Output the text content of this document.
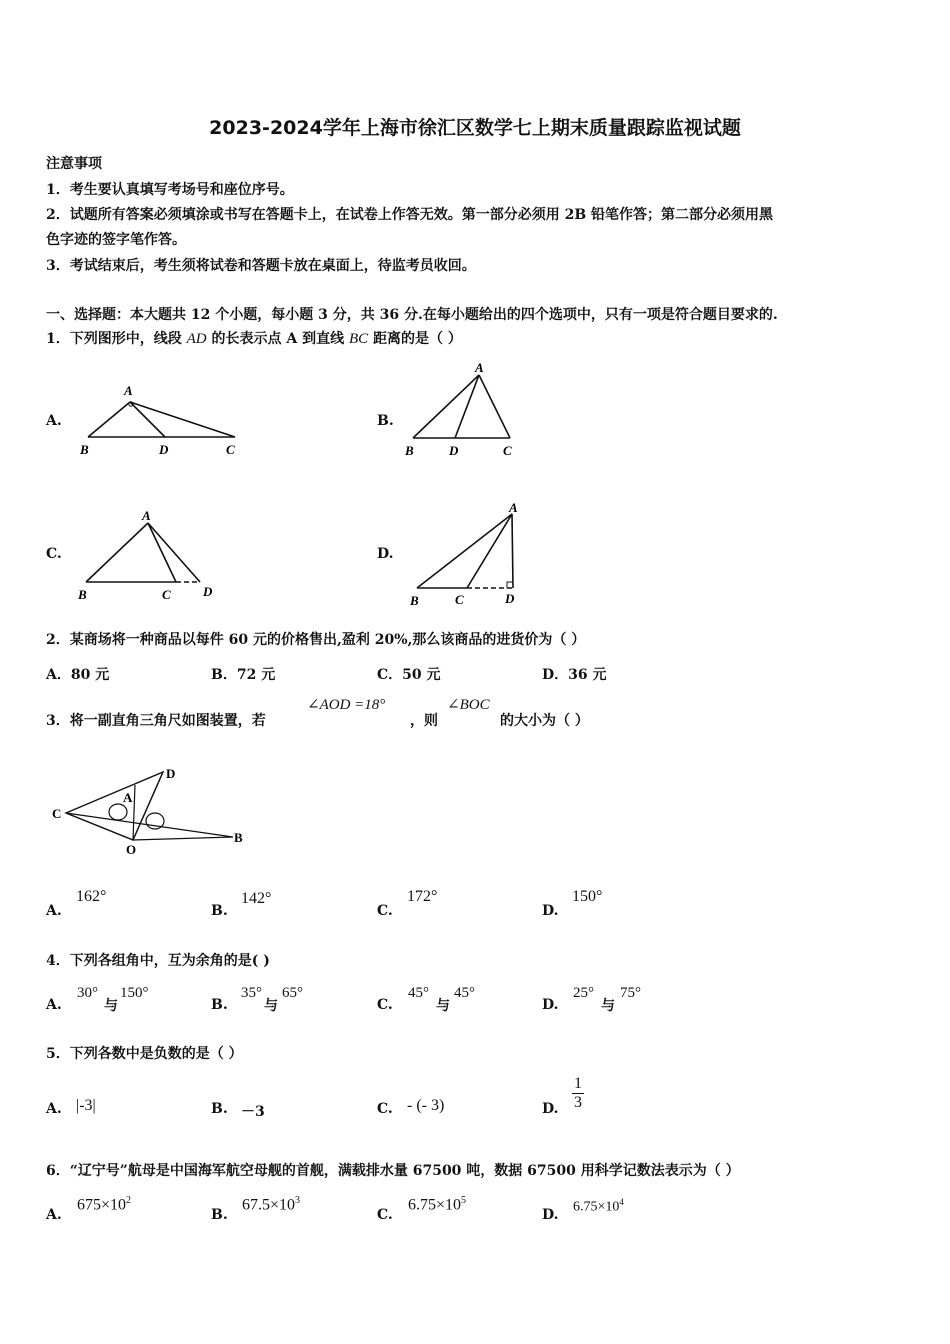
2023-2024学年上海市徐汇区数学七上期末质量跟踪监视试题
注意事项
1．考生要认真填写考场号和座位序号。
2．试题所有答案必须填涂或书写在答题卡上，在试卷上作答无效。第一部分必须用 2B 铅笔作答；第二部分必须用黑
色字迹的签字笔作答。
3．考试结束后，考生须将试卷和答题卡放在桌面上，待监考员收回。
一、选择题：本大题共 12 个小题，每小题 3 分，共 36 分.在每小题给出的四个选项中，只有一项是符合题目要求的.
1．下列图形中，线段 AD 的长表示点 A 到直线 BC 距离的是（ ）
A.
A
B	D	C
B.
A
B	D	C
C.
A
B	C D
D.
A
B	C	D
2．某商场将一种商品以每件 60 元的价格售出,盈利 20%,那么该商品的进货价为（ ）
A．80 元	B．72 元	C．50 元	D．36 元
3．将一副直角三角尺如图装置，若
∠AOD =18°
，则
∠BOC
的大小为（ ）
C
A
D
O
B
A.
162°
B.
142°
C.
172°
D.
150°
4．下列各组角中，互为余角的是( )
A.
30°
与
150°
B.
35°
与
65°
C.
45°
与
45°
D.
25°
与
75°
5．下列各数中是负数的是（ ）
A. |-3|	B. －3	C. - (- 3)	D. $\frac{1}{3}$
6．“辽宁号”航母是中国海军航空母舰的首舰，满载排水量 67500 吨，数据 67500 用科学记数法表示为（ ）
A.
$675\times 10^2$
B.
$67.5\times 10^3$
C.
$6.75\times 10^5$
D. $6.75\times 10^4$
